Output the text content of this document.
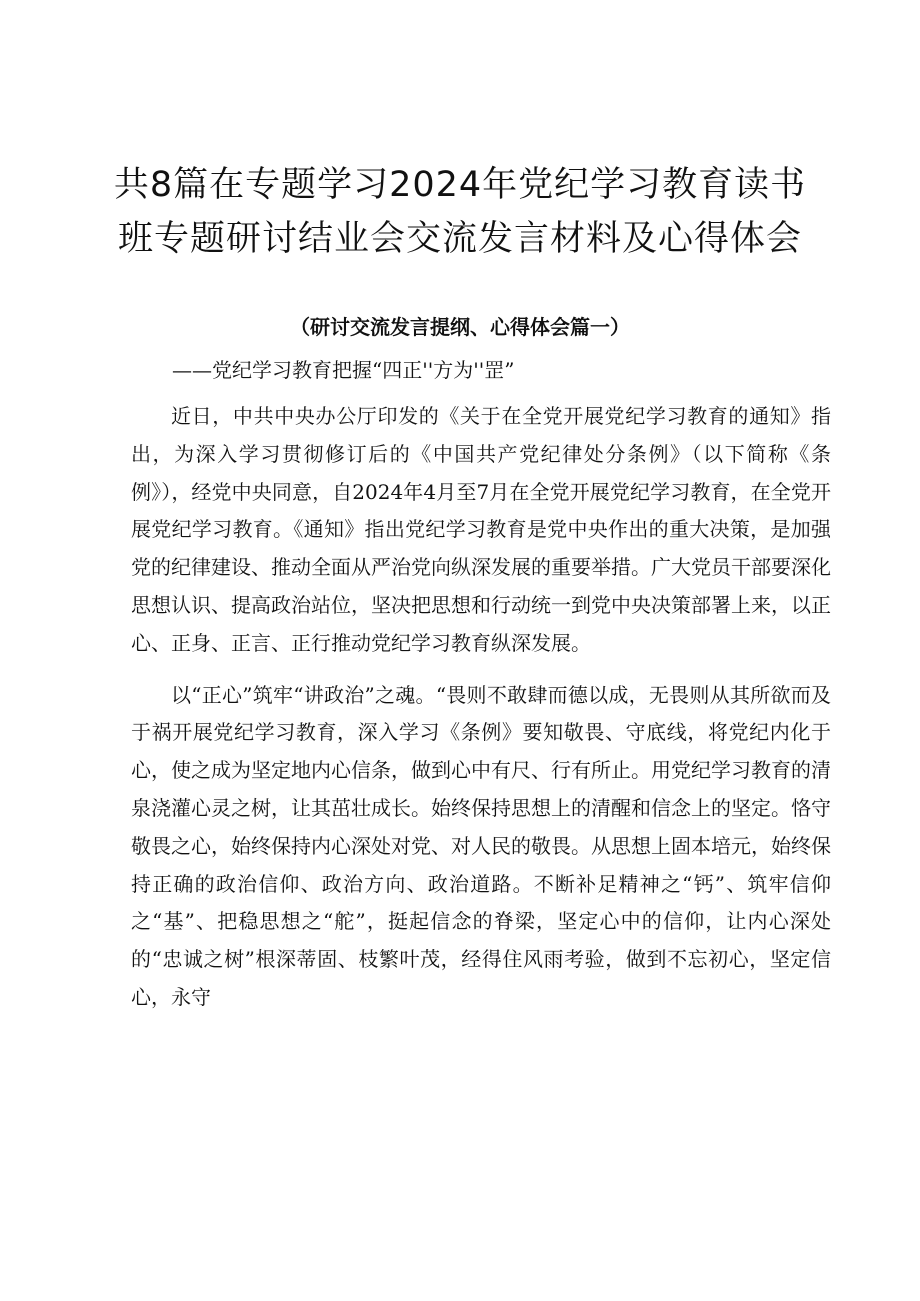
共8篇在专题学习2024年党纪学习教育读书
班专题研讨结业会交流发言材料及心得体会

（研讨交流发言提纲、心得体会篇一）

——党纪学习教育把握“四正''方为''罡”

近日，中共中央办公厅印发的《关于在全党开展党纪学习教育的通知》指出，为深入学习贯彻修订后的《中国共产党纪律处分条例》（以下简称《条例》），经党中央同意，自2024年4月至7月在全党开展党纪学习教育，在全党开展党纪学习教育。《通知》指出党纪学习教育是党中央作出的重大决策，是加强党的纪律建设、推动全面从严治党向纵深发展的重要举措。广大党员干部要深化思想认识、提高政治站位，坚决把思想和行动统一到党中央决策部署上来，以正心、正身、正言、正行推动党纪学习教育纵深发展。

以“正心”筑牢“讲政治”之魂。“畏则不敢肆而德以成，无畏则从其所欲而及于祸开展党纪学习教育，深入学习《条例》要知敬畏、守底线，将党纪内化于心，使之成为坚定地内心信条，做到心中有尺、行有所止。用党纪学习教育的清泉浇灌心灵之树，让其茁壮成长。始终保持思想上的清醒和信念上的坚定。恪守敬畏之心，始终保持内心深处对党、对人民的敬畏。从思想上固本培元，始终保持正确的政治信仰、政治方向、政治道路。不断补足精神之“钙”、筑牢信仰之“基”、把稳思想之“舵”，挺起信念的脊梁，坚定心中的信仰，让内心深处的“忠诚之树”根深蒂固、枝繁叶茂，经得住风雨考验，做到不忘初心，坚定信心，永守
